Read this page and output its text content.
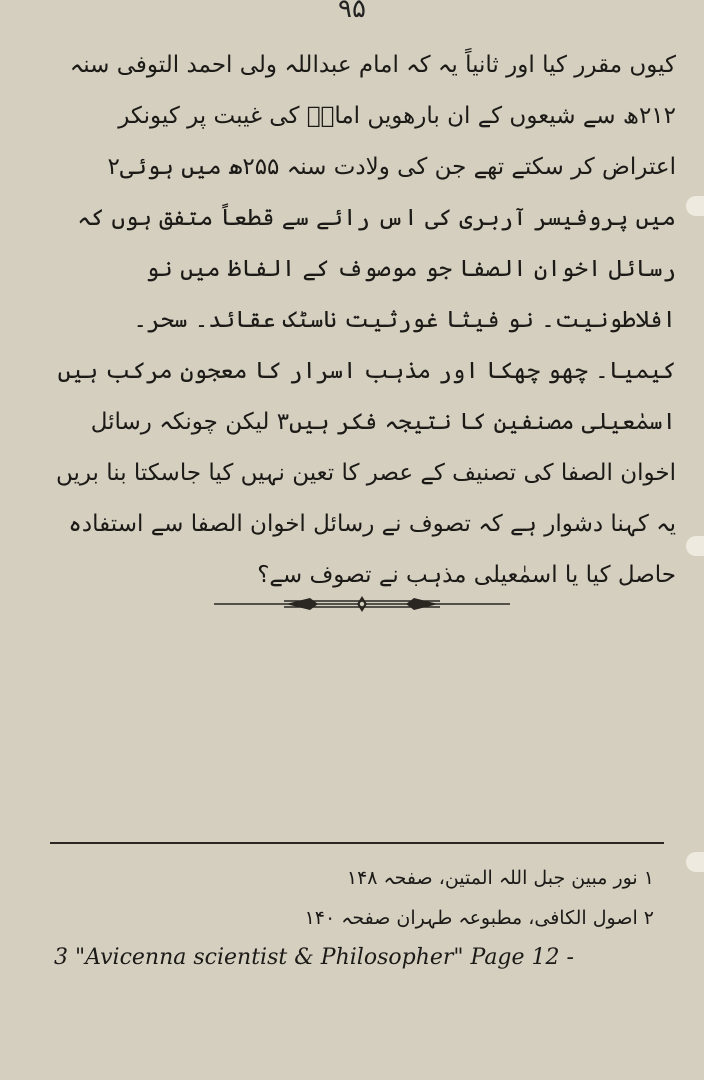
۹۵

کیوں مقرر کیا اور ثانیاً یہ کہ امام عبداللہ ولی احمد التوفی سنہ ۲۱۲ھ سے شیعوں کے ان بارھویں امامؑ کی غیبت پر کیونکر اعتراض کر سکتے تھے جن کی ولادت سنہ ۲۵۵ھ میں ہوئی۲

میں پروفیسر آربری کی اس رائے سے قطعاً متفق ہوں کہ رسائل اخوان الصفا جو موصوف کے الفاظ میں نو افلاطونیت۔ نو فیثا غورثیت ناسٹک عقائد۔ سحر۔ کیمیا۔ چھو چھکا اور مذہب اسرار کا معجون مرکب ہیں اسمٰعیلی مصنفین کا نتیجہ فکر ہیں۳ لیکن چونکہ رسائل اخوان الصفا کی تصنیف کے عصر کا تعین نہیں کیا جاسکتا بنا بریں یہ کہنا دشوار ہے کہ تصوف نے رسائل اخوان الصفا سے استفادہ حاصل کیا یا اسمٰعیلی مذہب نے تصوف سے؟

۱ نور مبین جبل اللہ المتین، صفحہ ۱۴۸

۲ اصول الکافی، مطبوعہ طہران صفحہ ۱۴۰

3 "Avicenna scientist & Philosopher" Page 12 -
